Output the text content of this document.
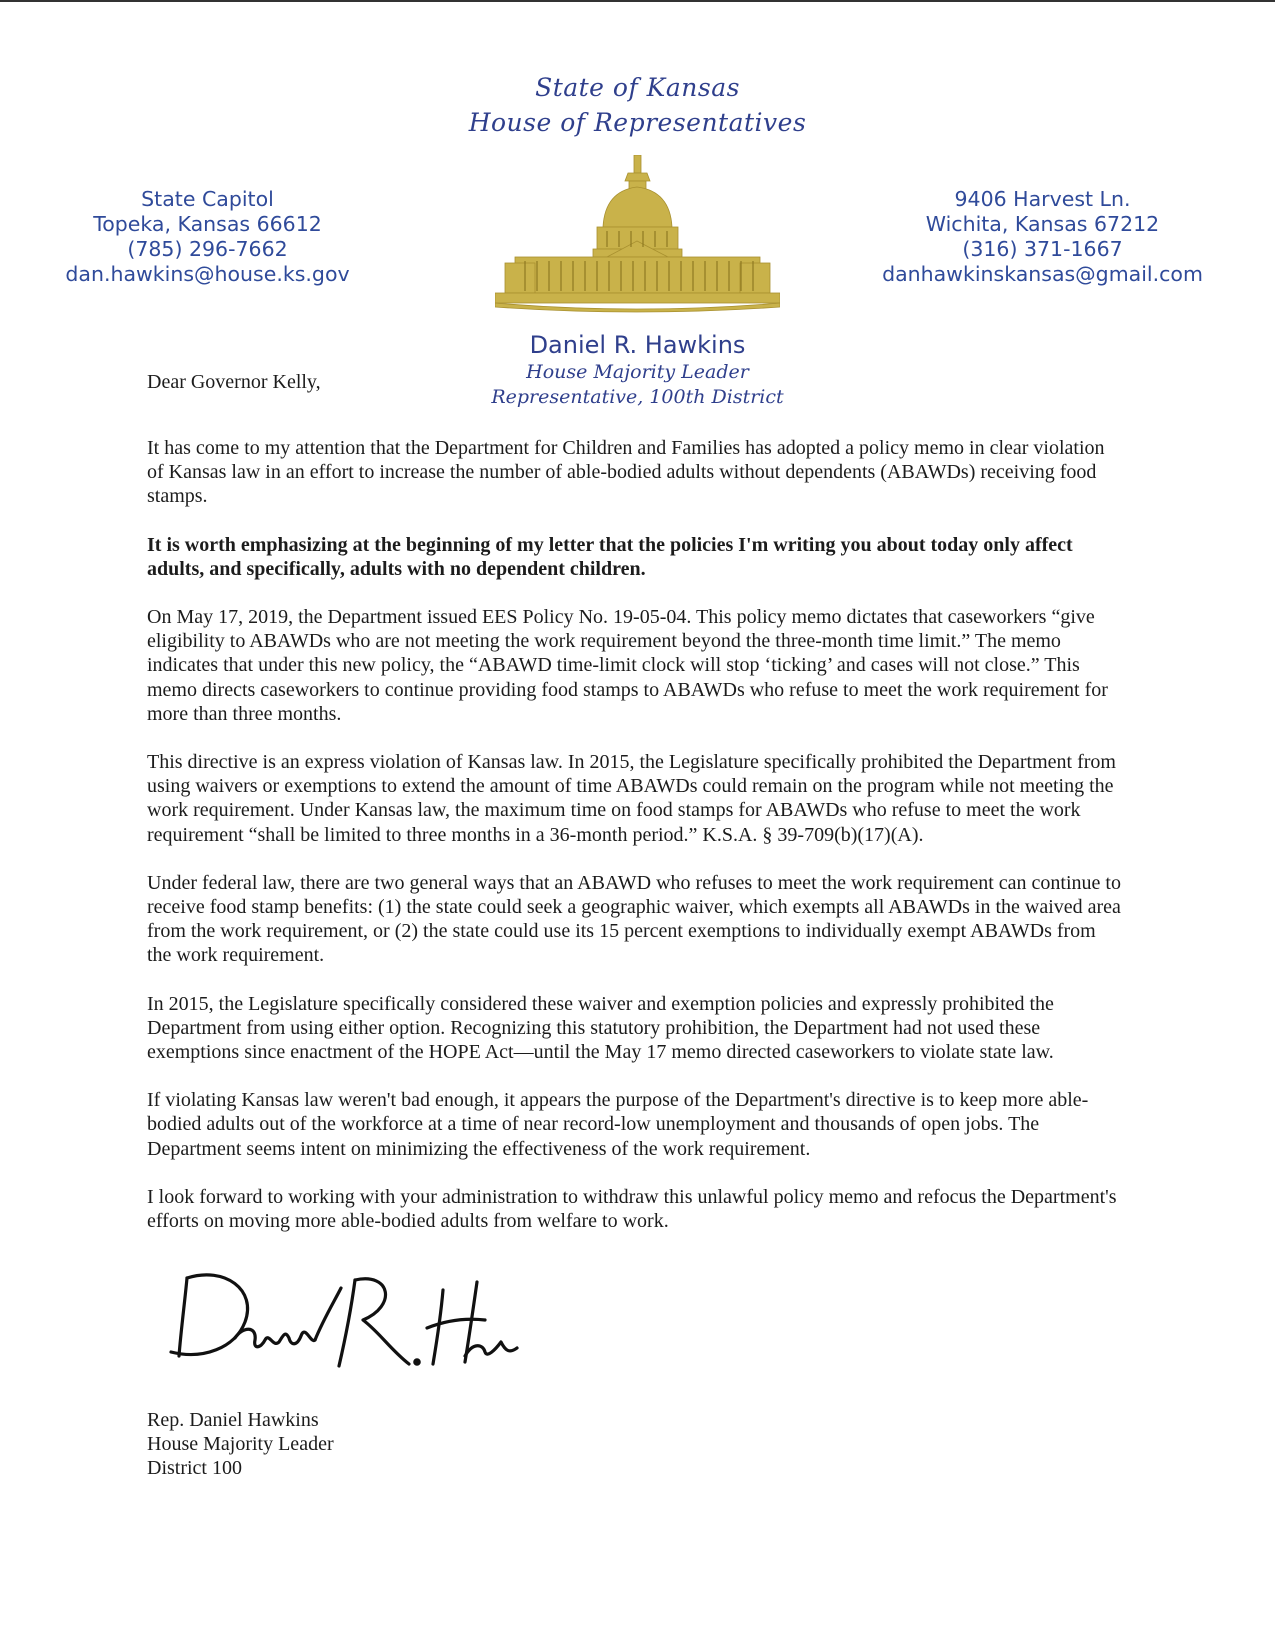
State of Kansas
House of Representatives
State Capitol
Topeka, Kansas 66612
(785) 296-7662
dan.hawkins@house.ks.gov
9406 Harvest Ln.
Wichita, Kansas 67212
(316) 371-1667
danhawkinskansas@gmail.com
Daniel R. Hawkins
House Majority Leader
Representative, 100th District
Dear Governor Kelly,

It has come to my attention that the Department for Children and Families has adopted a policy memo in clear violation of Kansas law in an effort to increase the number of able-bodied adults without dependents (ABAWDs) receiving food stamps.

It is worth emphasizing at the beginning of my letter that the policies I'm writing you about today only affect adults, and specifically, adults with no dependent children.

On May 17, 2019, the Department issued EES Policy No. 19-05-04. This policy memo dictates that caseworkers “give eligibility to ABAWDs who are not meeting the work requirement beyond the three-month time limit.” The memo indicates that under this new policy, the “ABAWD time-limit clock will stop ‘ticking’ and cases will not close.” This memo directs caseworkers to continue providing food stamps to ABAWDs who refuse to meet the work requirement for more than three months.

This directive is an express violation of Kansas law. In 2015, the Legislature specifically prohibited the Department from using waivers or exemptions to extend the amount of time ABAWDs could remain on the program while not meeting the work requirement. Under Kansas law, the maximum time on food stamps for ABAWDs who refuse to meet the work requirement “shall be limited to three months in a 36-month period.” K.S.A. § 39-709(b)(17)(A).

Under federal law, there are two general ways that an ABAWD who refuses to meet the work requirement can continue to receive food stamp benefits: (1) the state could seek a geographic waiver, which exempts all ABAWDs in the waived area from the work requirement, or (2) the state could use its 15 percent exemptions to individually exempt ABAWDs from the work requirement.

In 2015, the Legislature specifically considered these waiver and exemption policies and expressly prohibited the Department from using either option. Recognizing this statutory prohibition, the Department had not used these exemptions since enactment of the HOPE Act—until the May 17 memo directed caseworkers to violate state law.

If violating Kansas law weren't bad enough, it appears the purpose of the Department's directive is to keep more able-bodied adults out of the workforce at a time of near record-low unemployment and thousands of open jobs. The Department seems intent on minimizing the effectiveness of the work requirement.

I look forward to working with your administration to withdraw this unlawful policy memo and refocus the Department's efforts on moving more able-bodied adults from welfare to work.

Rep. Daniel Hawkins
House Majority Leader
District 100
